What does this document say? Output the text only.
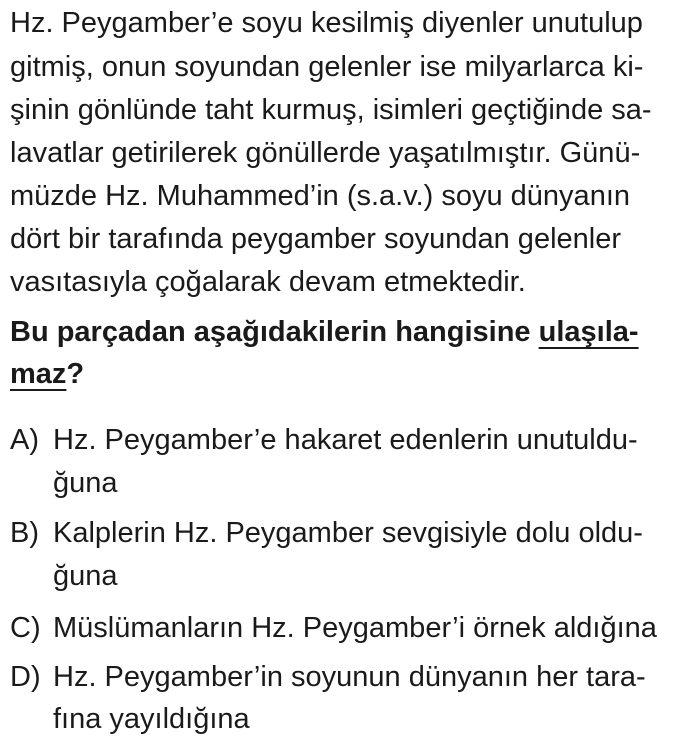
Hz. Peygamber’e soyu kesilmiş diyenler unutulup
gitmiş, onun soyundan gelenler ise milyarlarca ki-
şinin gönlünde taht kurmuş, isimleri geçtiğinde sa-
lavatlar getirilerek gönüllerde yaşatılmıştır. Günü-
müzde Hz. Muhammed’in (s.a.v.) soyu dünyanın
dört bir tarafında peygamber soyundan gelenler
vasıtasıyla çoğalarak devam etmektedir.
Bu parçadan aşağıdakilerin hangisine ulaşıla-
maz?
A) Hz. Peygamber’e hakaret edenlerin unutuldu-
ğuna
B) Kalplerin Hz. Peygamber sevgisiyle dolu oldu-
ğuna
C) Müslümanların Hz. Peygamber’i örnek aldığına
D) Hz. Peygamber’in soyunun dünyanın her tara-
fına yayıldığına
